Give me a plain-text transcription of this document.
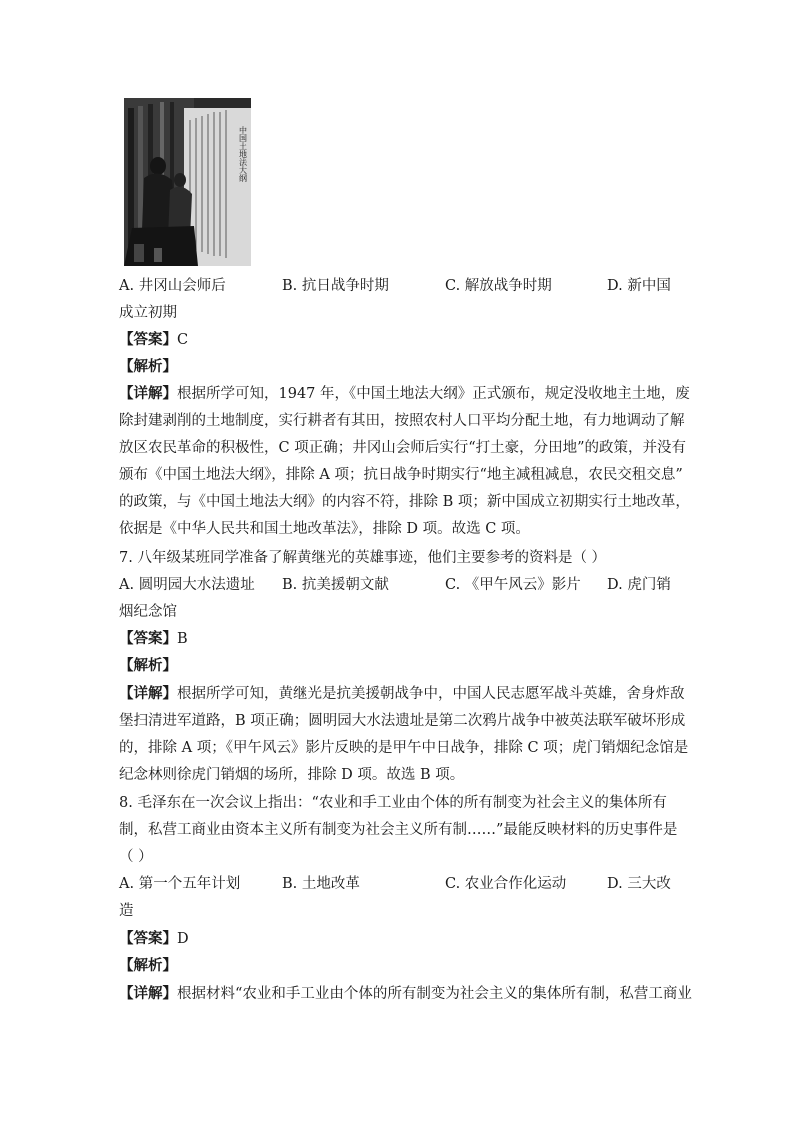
中国土地法大纲
A. 井冈山会师后	B. 抗日战争时期	C. 解放战争时期	D. 新中国
成立初期
【答案】C
【解析】
【详解】根据所学可知，1947 年，《中国土地法大纲》正式颁布，规定没收地主土地，废
除封建剥削的土地制度，实行耕者有其田，按照农村人口平均分配土地，有力地调动了解
放区农民革命的积极性，C 项正确；井冈山会师后实行“打土豪，分田地”的政策，并没有
颁布《中国土地法大纲》，排除 A 项；抗日战争时期实行“地主减租减息，农民交租交息”
的政策，与《中国土地法大纲》的内容不符，排除 B 项；新中国成立初期实行土地改革，
依据是《中华人民共和国土地改革法》，排除 D 项。故选 C 项。
7. 八年级某班同学准备了解黄继光的英雄事迹，他们主要参考的资料是（ ）
A. 圆明园大水法遗址 B. 抗美援朝文献	C. 《甲午风云》影片 D. 虎门销
烟纪念馆
【答案】B
【解析】
【详解】根据所学可知，黄继光是抗美援朝战争中，中国人民志愿军战斗英雄，舍身炸敌
堡扫清进军道路，B 项正确；圆明园大水法遗址是第二次鸦片战争中被英法联军破坏形成
的，排除 A 项；《甲午风云》影片反映的是甲午中日战争，排除 C 项；虎门销烟纪念馆是
纪念林则徐虎门销烟的场所，排除 D 项。故选 B 项。
8. 毛泽东在一次会议上指出：“农业和手工业由个体的所有制变为社会主义的集体所有
制，私营工商业由资本主义所有制变为社会主义所有制……”最能反映材料的历史事件是
（ ）
A. 第一个五年计划	B. 土地改革	C. 农业合作化运动	D. 三大改
造
【答案】D
【解析】
【详解】根据材料“农业和手工业由个体的所有制变为社会主义的集体所有制，私营工商业
